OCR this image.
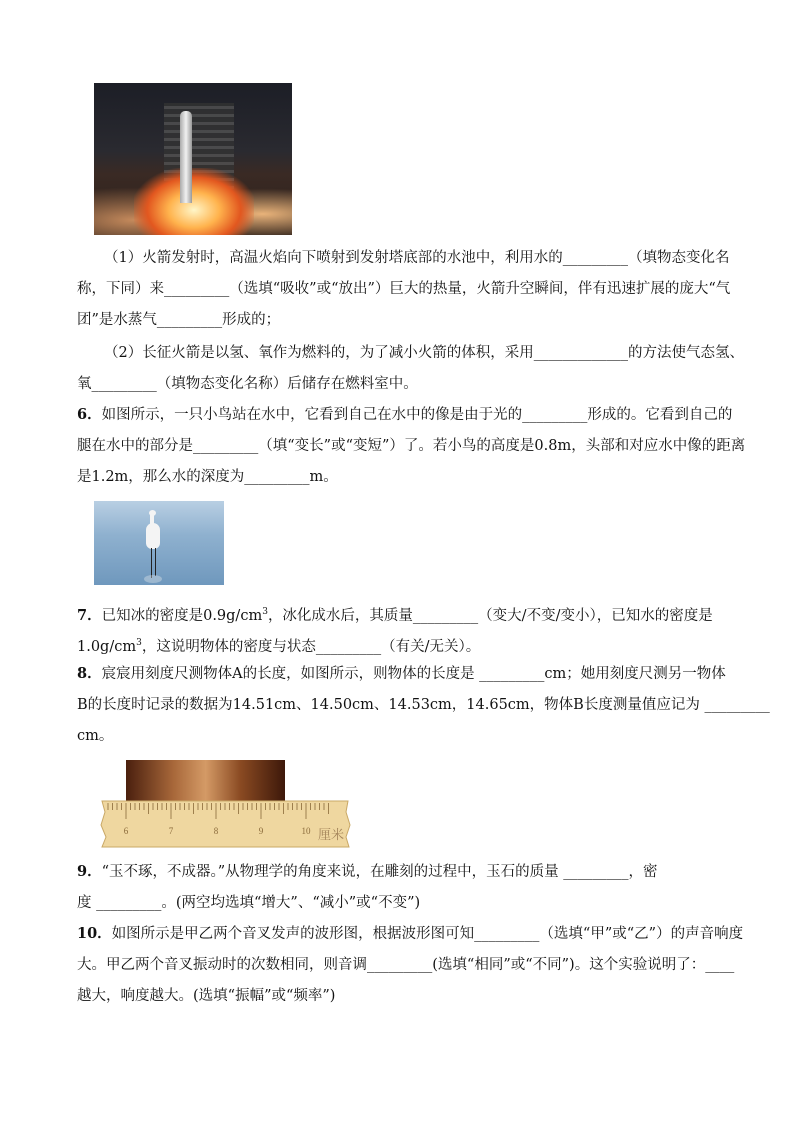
（1）火箭发射时，高温火焰向下喷射到发射塔底部的水池中，利用水的_________（填物态变化名
称，下同）来_________（选填“吸收”或“放出”）巨大的热量，火箭升空瞬间，伴有迅速扩展的庞大“气
团”是水蒸气_________形成的；
（2）长征火箭是以氢、氧作为燃料的，为了减小火箭的体积，采用_____________的方法使气态氢、
氧_________（填物态变化名称）后储存在燃料室中。
6．如图所示，一只小鸟站在水中，它看到自己在水中的像是由于光的_________形成的。它看到自己的
腿在水中的部分是_________（填“变长”或“变短”）了。若小鸟的高度是0.8m，头部和对应水中像的距离
是1.2m，那么水的深度为_________m。
7．已知冰的密度是$0.9g/cm^3$，冰化成水后，其质量_________（变大/不变/变小），已知水的密度是
$1.0g/cm^3$，这说明物体的密度与状态_________（有关/无关）。
8．宸宸用刻度尺测物体A的长度，如图所示，则物体的长度是 _________cm；她用刻度尺测另一物体
B的长度时记录的数据为14.51cm、14.50cm、14.53cm，14.65cm，物体B长度测量值应记为 _________
cm。
6	7	8	9	10 厘米
9．“玉不琢，不成器。”从物理学的角度来说，在雕刻的过程中，玉石的质量 _________，密
度 _________。(两空均选填“增大”、“减小”或“不变”)
10．如图所示是甲乙两个音叉发声的波形图，根据波形图可知_________（选填“甲”或“乙”）的声音响度
大。甲乙两个音叉振动时的次数相同，则音调_________(选填“相同”或“不同”)。这个实验说明了：____
越大，响度越大。(选填“振幅”或“频率”)
